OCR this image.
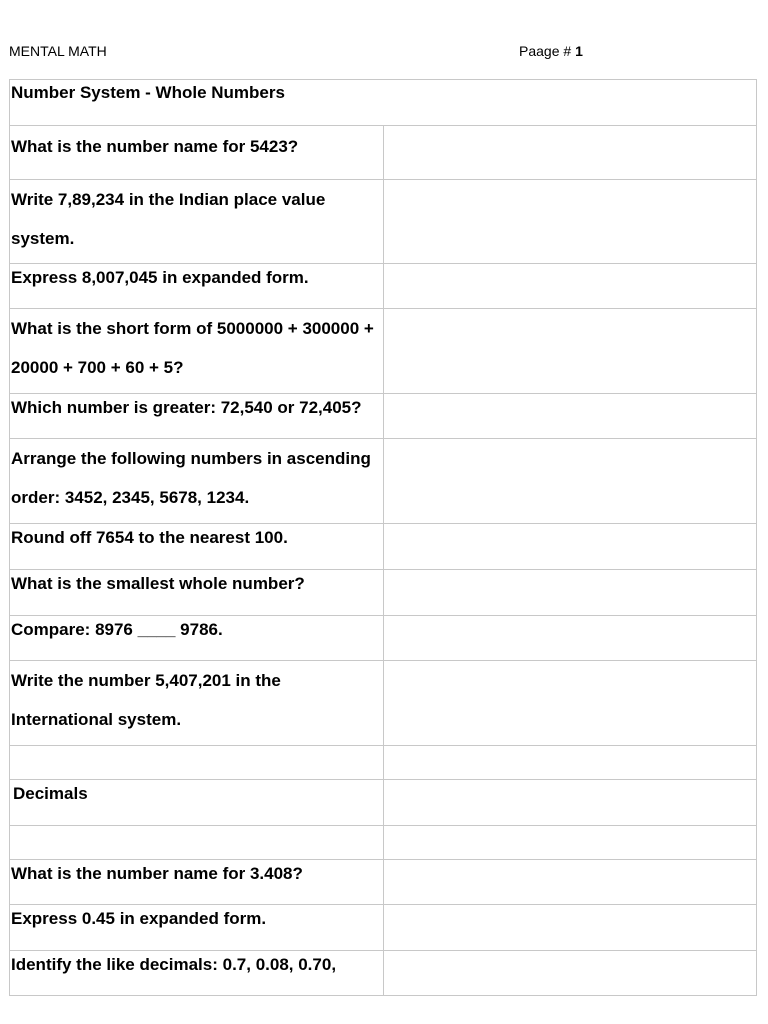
MENTAL MATH	Paage # 1
Number System - Whole Numbers	

What is the number name for 5423?	
Write 7,89,234 in the Indian place value system.	
Express 8,007,045 in expanded form.	
What is the short form of 5000000 + 300000 + 20000 + 700 + 60 + 5?	
Which number is greater: 72,540 or 72,405?	
Arrange the following numbers in ascending order: 3452, 2345, 5678, 1234.	
Round off 7654 to the nearest 100.	
What is the smallest whole number?	
Compare: 8976 ____ 9786.	
Write the number 5,407,201 in the International system.	

Decimals	

What is the number name for 3.408?	
Express 0.45 in expanded form.	
Identify the like decimals: 0.7, 0.08, 0.70,	
